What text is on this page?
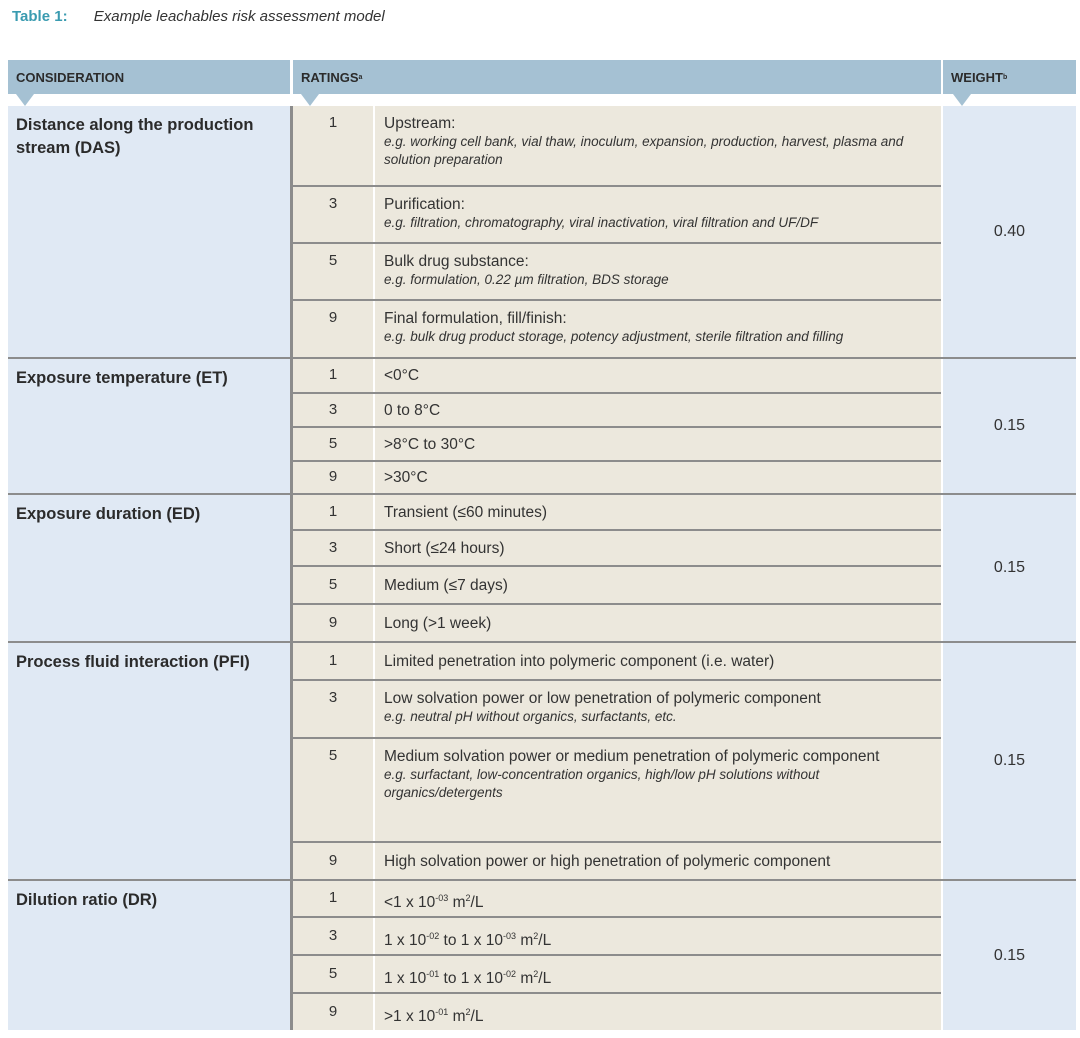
Table 1: Example leachables risk assessment model
CONSIDERATION	RATINGS a	WEIGHT b
Distance along the production stream (DAS)
0.40
1	Upstream:
e.g. working cell bank, vial thaw, inoculum, expansion, production, harvest, plasma and solution preparation
3	Purification:
e.g. filtration, chromatography, viral inactivation, viral filtration and UF/DF
5	Bulk drug substance:
e.g. formulation, 0.22 µm filtration, BDS storage
9	Final formulation, fill/finish:
e.g. bulk drug product storage, potency adjustment, sterile filtration and filling
Exposure temperature (ET)
0.15
1	<0°C
3	0 to 8°C
5	>8°C to 30°C
9	>30°C
Exposure duration (ED)
0.15
1	Transient (≤60 minutes)
3	Short (≤24 hours)
5	Medium (≤7 days)
9	Long (>1 week)
Process fluid interaction (PFI)
0.15
1	Limited penetration into polymeric component (i.e. water)
3	Low solvation power or low penetration of polymeric component
e.g. neutral pH without organics, surfactants, etc.
5	Medium solvation power or medium penetration of polymeric component
e.g. surfactant, low-concentration organics, high/low pH solutions without organics/detergents
9	High solvation power or high penetration of polymeric component
Dilution ratio (DR)
0.15
1	<1 x $10^{-03}$ $m^2/L$
3	1 x $10^{-02}$ to 1 x $10^{-03}$ $m^2/L$
5	1 x $10^{-01}$ to 1 x $10^{-02}$ $m^2/L$
9	>1 x $10^{-01}$ $m^2/L$
